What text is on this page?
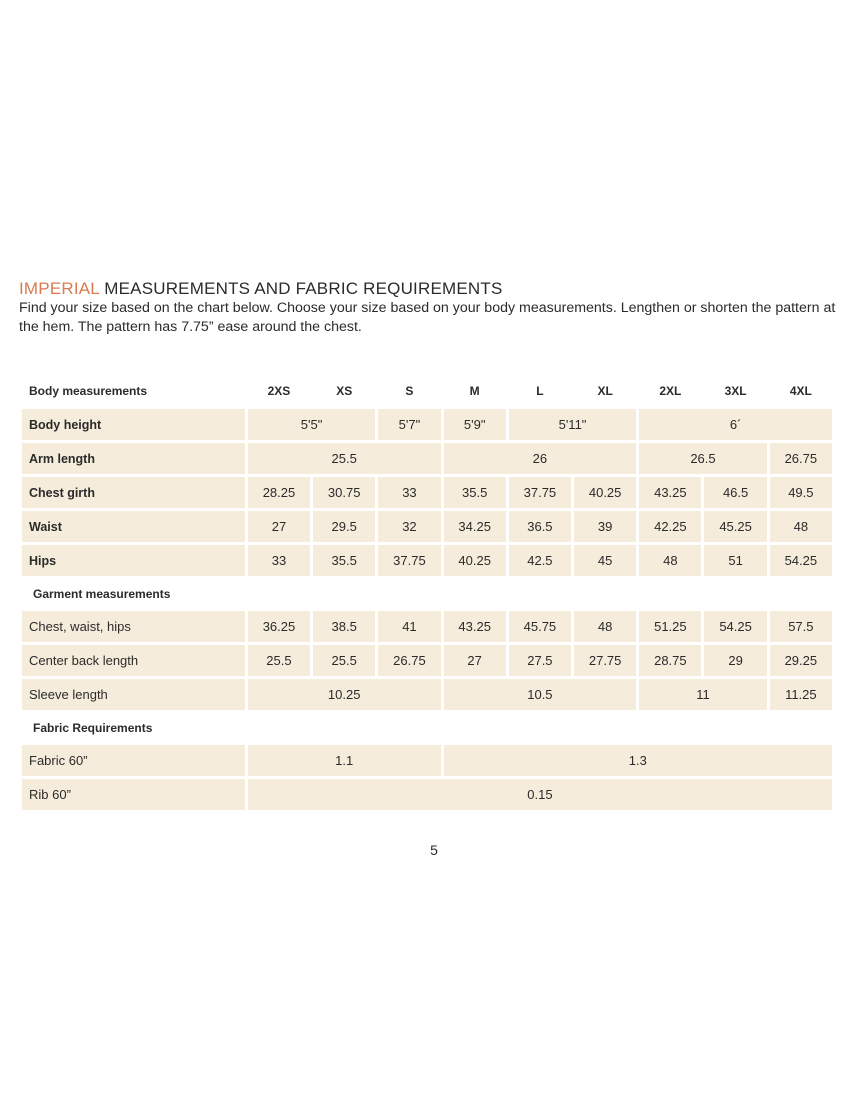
IMPERIAL MEASUREMENTS AND FABRIC REQUIREMENTS

Find your size based on the chart below. Choose your size based on your body measurements. Lengthen or shorten the pattern at the hem. The pattern has 7.75” ease around the chest.

Body measurements	2XS	XS	S	M	L	XL	2XL	3XL	4XL
Body height	5'5"		5'7"	5'9"	5'11"		6´		
Arm length	25.5			26			26.5		26.75
Chest girth	28.25	30.75	33	35.5	37.75	40.25	43.25	46.5	49.5
Waist	27	29.5	32	34.25	36.5	39	42.25	45.25	48
Hips	33	35.5	37.75	40.25	42.5	45	48	51	54.25
Garment measurements									
Chest, waist, hips	36.25	38.5	41	43.25	45.75	48	51.25	54.25	57.5
Center back length	25.5	25.5	26.75	27	27.5	27.75	28.75	29	29.25
Sleeve length	10.25			10.5			11		11.25
Fabric Requirements									
Fabric 60”	1.1			1.3					
Rib 60”	0.15								
5
